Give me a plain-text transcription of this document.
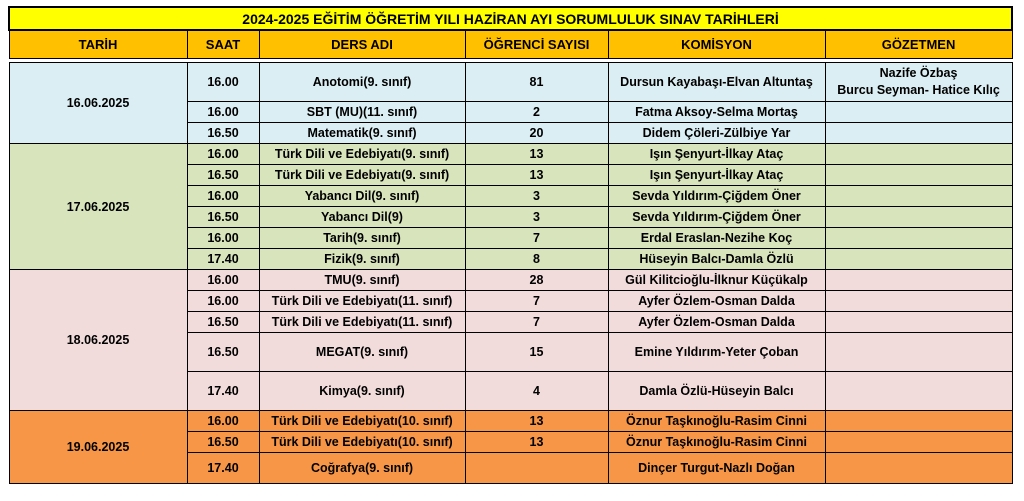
2024-2025 EĞİTİM ÖĞRETİM YILI HAZİRAN AYI SORUMLULUK SINAV TARİHLERİ					
TARİH	SAAT	DERS ADI	ÖĞRENCİ SAYISI	KOMİSYON	GÖZETMEN

16.06.2025	16.00	Anotomi(9. sınıf)	81	Dursun Kayabaşı-Elvan Altuntaş	Nazife Özbaş
Burcu Seyman- Hatice Kılıç

	16.00	SBT (MU)(11. sınıf)	2	Fatma Aksoy-Selma Mortaş	
	16.50	Matematik(9. sınıf)	20	Didem Çöleri-Zülbiye Yar	
17.06.2025	16.00	Türk Dili ve Edebiyatı(9. sınıf)	13	Işın Şenyurt-İlkay Ataç	
	16.50	Türk Dili ve Edebiyatı(9. sınıf)	13	Işın Şenyurt-İlkay Ataç	
	16.00	Yabancı Dil(9. sınıf)	3	Sevda Yıldırım-Çiğdem Öner	
	16.50	Yabancı Dil(9)	3	Sevda Yıldırım-Çiğdem Öner	
	16.00	Tarih(9. sınıf)	7	Erdal Eraslan-Nezihe Koç	
	17.40	Fizik(9. sınıf)	8	Hüseyin Balcı-Damla Özlü	
18.06.2025	16.00	TMU(9. sınıf)	28	Gül Kilitcioğlu-İlknur Küçükalp	
	16.00	Türk Dili ve Edebiyatı(11. sınıf)	7	Ayfer Özlem-Osman Dalda	
	16.50	Türk Dili ve Edebiyatı(11. sınıf)	7	Ayfer Özlem-Osman Dalda	
	16.50	MEGAT(9. sınıf)	15	Emine Yıldırım-Yeter Çoban	
	17.40	Kimya(9. sınıf)	4	Damla Özlü-Hüseyin Balcı	
19.06.2025	16.00	Türk Dili ve Edebiyatı(10. sınıf)	13	Öznur Taşkınoğlu-Rasim Cinni	
	16.50	Türk Dili ve Edebiyatı(10. sınıf)	13	Öznur Taşkınoğlu-Rasim Cinni	
	17.40	Coğrafya(9. sınıf)		Dinçer Turgut-Nazlı Doğan	
